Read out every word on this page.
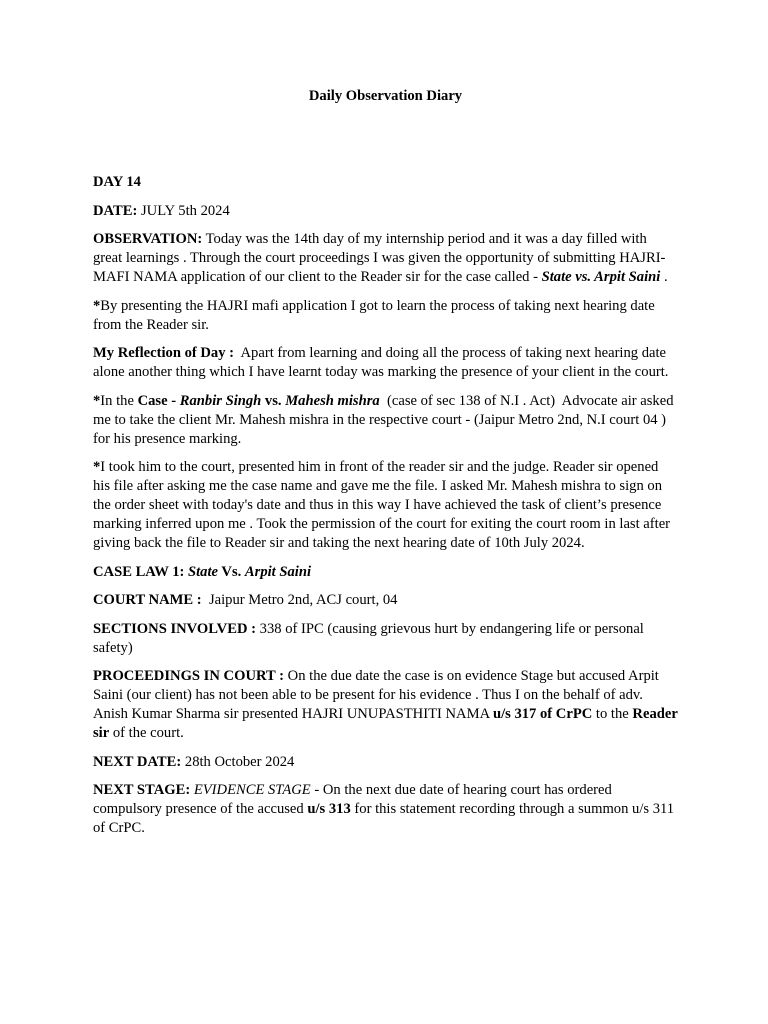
Daily Observation Diary

DAY 14

DATE: JULY 5th 2024

OBSERVATION: Today was the 14th day of my internship period and it was a day filled with great learnings . Through the court proceedings I was given the opportunity of submitting HAJRI-MAFI NAMA application of our client to the Reader sir for the case called - State vs. Arpit Saini .

*By presenting the HAJRI mafi application I got to learn the process of taking next hearing date from the Reader sir.

My Reflection of Day :  Apart from learning and doing all the process of taking next hearing date alone another thing which I have learnt today was marking the presence of your client in the court.

*In the Case - Ranbir Singh vs. Mahesh mishra  (case of sec 138 of N.I . Act)  Advocate air asked me to take the client Mr. Mahesh mishra in the respective court - (Jaipur Metro 2nd, N.I court 04 ) for his presence marking.

*I took him to the court, presented him in front of the reader sir and the judge. Reader sir opened his file after asking me the case name and gave me the file. I asked Mr. Mahesh mishra to sign on the order sheet with today's date and thus in this way I have achieved the task of client’s presence marking inferred upon me . Took the permission of the court for exiting the court room in last after giving back the file to Reader sir and taking the next hearing date of 10th July 2024.

CASE LAW 1: State Vs. Arpit Saini

COURT NAME :  Jaipur Metro 2nd, ACJ court, 04

SECTIONS INVOLVED : 338 of IPC (causing grievous hurt by endangering life or personal safety)

PROCEEDINGS IN COURT : On the due date the case is on evidence Stage but accused Arpit Saini (our client) has not been able to be present for his evidence . Thus I on the behalf of adv. Anish Kumar Sharma sir presented HAJRI UNUPASTHITI NAMA u/s 317 of CrPC to the Reader sir of the court.

NEXT DATE: 28th October 2024

NEXT STAGE: EVIDENCE STAGE - On the next due date of hearing court has ordered compulsory presence of the accused u/s 313 for this statement recording through a summon u/s 311 of CrPC.
